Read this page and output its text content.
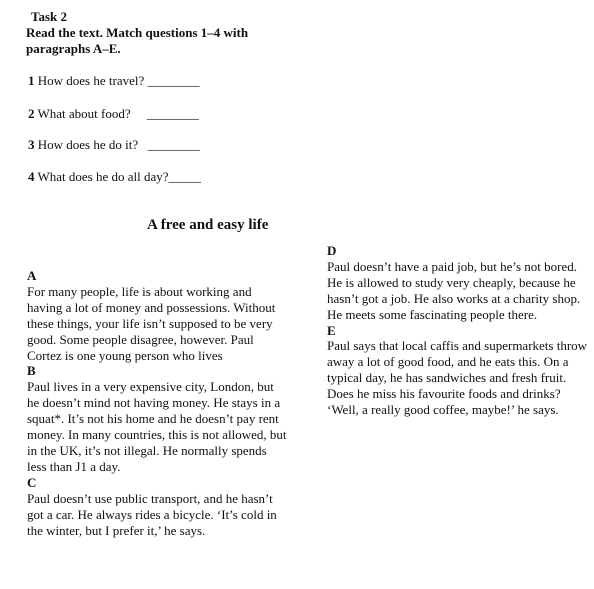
Task 2
Read the text. Match questions 1–4 with paragraphs A–E.
1 How does he travel? ________
2 What about food?     ________
3 How does he do it?   ________
4 What does he do all day?_____
A free and easy life

A

For many people, life is about working and having a lot of money and possessions. Without these things, your life isn’t supposed to be very good. Some people disagree, however. Paul Cortez is one young person who lives

B

Paul lives in a very expensive city, London, but he doesn’t mind not having money. He stays in a squat*. It’s not his home and he doesn’t pay rent money. In many countries, this is not allowed, but in the UK, it’s not illegal. He normally spends less than J1 a day.

C

Paul doesn’t use public transport, and he hasn’t got a car. He always rides a bicycle. ‘It’s cold in the winter, but I prefer it,’ he says.

D

Paul doesn’t have a paid job, but he’s not bored. He is allowed to study very cheaply, because he hasn’t got a job. He also works at a charity shop. He meets some fascinating people there.

E

Paul says that local caffis and supermarkets throw away a lot of good food, and he eats this. On a typical day, he has sandwiches and fresh fruit. Does he miss his favourite foods and drinks? ‘Well, a really good coffee, maybe!’ he says.
